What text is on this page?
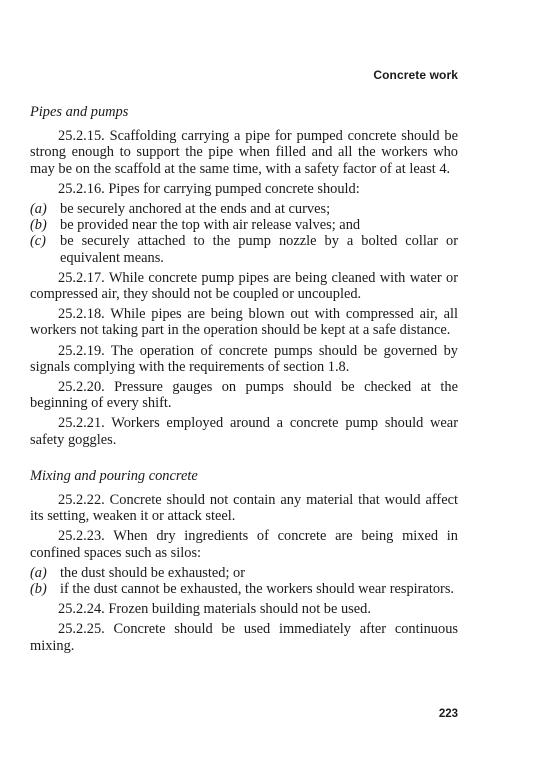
Concrete work
Pipes and pumps

25.2.15. Scaffolding carrying a pipe for pumped concrete should be strong enough to support the pipe when filled and all the workers who may be on the scaffold at the same time, with a safety factor of at least 4.

25.2.16. Pipes for carrying pumped concrete should:

(a) be securely anchored at the ends and at curves;
(b) be provided near the top with air release valves; and
(c) be securely attached to the pump nozzle by a bolted collar or equivalent means.

25.2.17. While concrete pump pipes are being cleaned with water or compressed air, they should not be coupled or uncoupled.

25.2.18. While pipes are being blown out with compressed air, all workers not taking part in the operation should be kept at a safe distance.

25.2.19. The operation of concrete pumps should be governed by signals complying with the requirements of section 1.8.

25.2.20. Pressure gauges on pumps should be checked at the beginning of every shift.

25.2.21. Workers employed around a concrete pump should wear safety goggles.

Mixing and pouring concrete

25.2.22. Concrete should not contain any material that would affect its setting, weaken it or attack steel.

25.2.23. When dry ingredients of concrete are being mixed in confined spaces such as silos:

(a) the dust should be exhausted; or
(b) if the dust cannot be exhausted, the workers should wear respirators.

25.2.24. Frozen building materials should not be used.

25.2.25. Concrete should be used immediately after continuous mixing.

223
